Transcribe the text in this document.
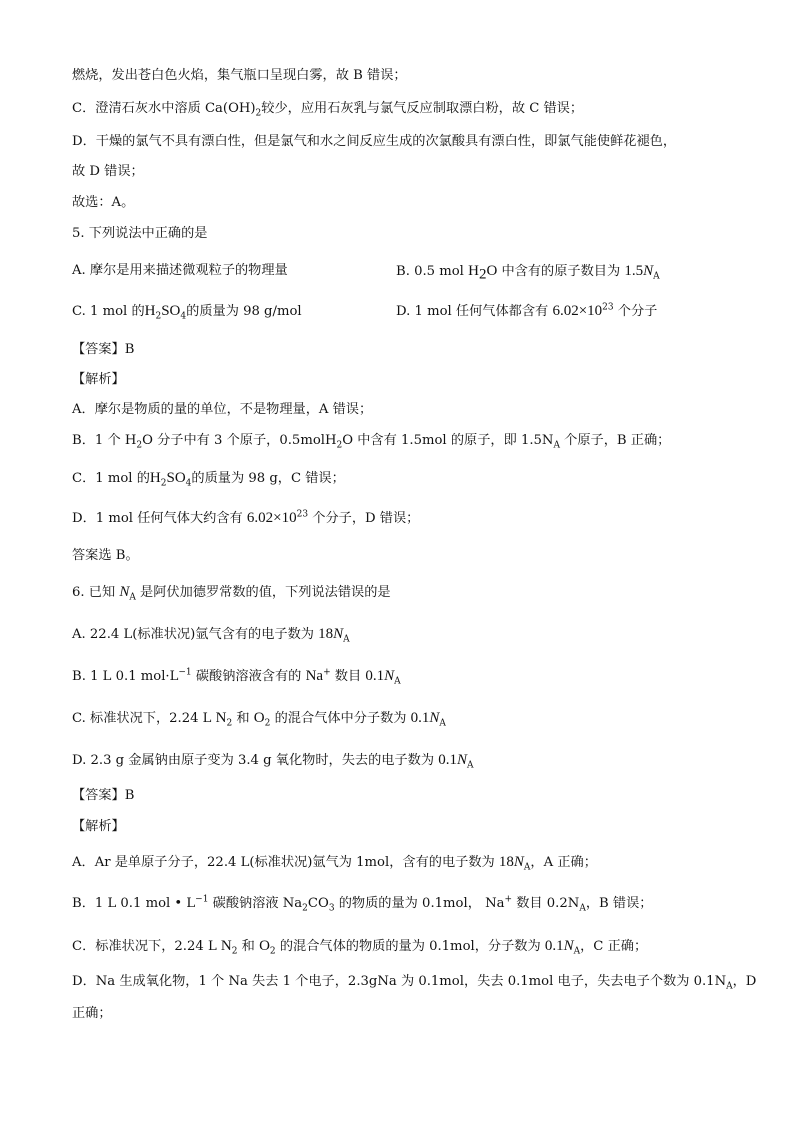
燃烧，发出苍白色火焰，集气瓶口呈现白雾，故 B 错误；
C．澄清石灰水中溶质 $Ca(OH)_2$较少，应用石灰乳与氯气反应制取漂白粉，故 C 错误；
D．干燥的氯气不具有漂白性，但是氯气和水之间反应生成的次氯酸具有漂白性，即氯气能使鲜花褪色，
故 D 错误；
故选：A。
5. 下列说法中正确的是
A. 摩尔是用来描述微观粒子的物理量	B. 0.5 mol $H_2O$ 中含有的原子数目为 $1.5N_A$
C. 1 mol 的$H_2SO_4$的质量为 98 g/mol	D. 1 mol 任何气体都含有 $6.02\times 10^{23}$ 个分子
【答案】B
【解析】
A．摩尔是物质的量的单位，不是物理量，A 错误；
B．1 个 $H_2O$ 分子中有 3 个原子，0.5molH$_2$O 中含有 1.5mol 的原子，即 $1.5N_A$ 个原子，B 正确；
C．1 mol 的$H_2SO_4$的质量为 98 g，C 错误；
D．1 mol 任何气体大约含有 $6.02\times 10^{23}$ 个分子，D 错误；
答案选 B。
6. 已知 $N_A$ 是阿伏加德罗常数的值，下列说法错误的是
A. 22.4 L(标准状况)氩气含有的电子数为 $18N_A$
B. 1 L 0.1 $mol\cdot L^{-1}$ 碳酸钠溶液含有的 Na+ 数目 $0.1N_A$
C. 标准状况下，2.24 L $N_2$ 和 $O_2$ 的混合气体中分子数为 $0.1N_A$
D. 2.3 g 金属钠由原子变为 3.4 g 氧化物时，失去的电子数为 $0.1N_A$
【答案】B
【解析】
A．Ar 是单原子分子，22.4 L(标准状况)氩气为 1mol，含有的电子数为 $18N_A$，A 正确；
B．1 L 0.1 mol • $L^{-1}$ 碳酸钠溶液 $Na_2CO_3$ 的物质的量为 0.1mol， Na+ 数目 $0.2N_A$，B 错误；
C．标准状况下，2.24 L $N_2$ 和 $O_2$ 的混合气体的物质的量为 0.1mol，分子数为 $0.1N_A$，C 正确；
D．Na 生成氧化物，1 个 Na 失去 1 个电子，2.3gNa 为 0.1mol，失去 0.1mol 电子，失去电子个数为 $0.1N_A$，D
正确；
